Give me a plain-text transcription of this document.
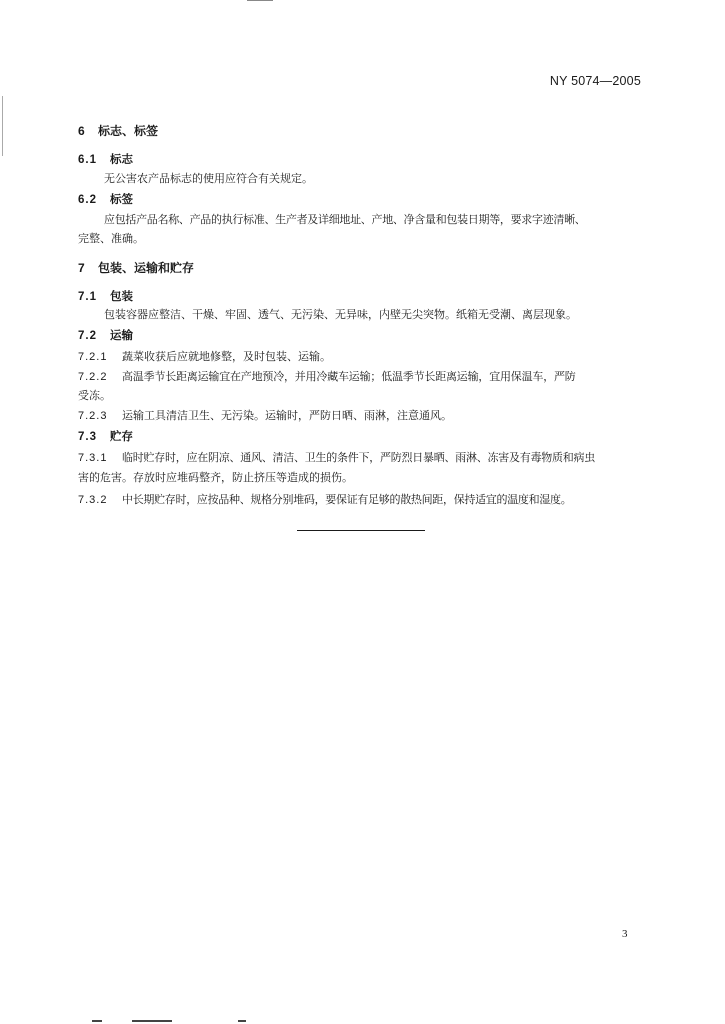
NY 5074—2005
6 标志、标签
6.1 标志
无公害农产品标志的使用应符合有关规定。
6.2 标签
应包括产品名称、产品的执行标准、生产者及详细地址、产地、净含量和包装日期等，要求字迹清晰、
完整、准确。
7 包装、运输和贮存
7.1 包装
包装容器应整洁、干燥、牢固、透气、无污染、无异味，内壁无尖突物。纸箱无受潮、离层现象。
7.2 运输
7.2.1 蔬菜收获后应就地修整，及时包装、运输。
7.2.2 高温季节长距离运输宜在产地预冷，并用冷藏车运输；低温季节长距离运输，宜用保温车，严防
受冻。
7.2.3 运输工具清洁卫生、无污染。运输时，严防日晒、雨淋，注意通风。
7.3 贮存
7.3.1 临时贮存时，应在阴凉、通风、清洁、卫生的条件下，严防烈日暴晒、雨淋、冻害及有毒物质和病虫
害的危害。存放时应堆码整齐，防止挤压等造成的损伤。
7.3.2 中长期贮存时，应按品种、规格分别堆码，要保证有足够的散热间距，保持适宜的温度和湿度。
3
